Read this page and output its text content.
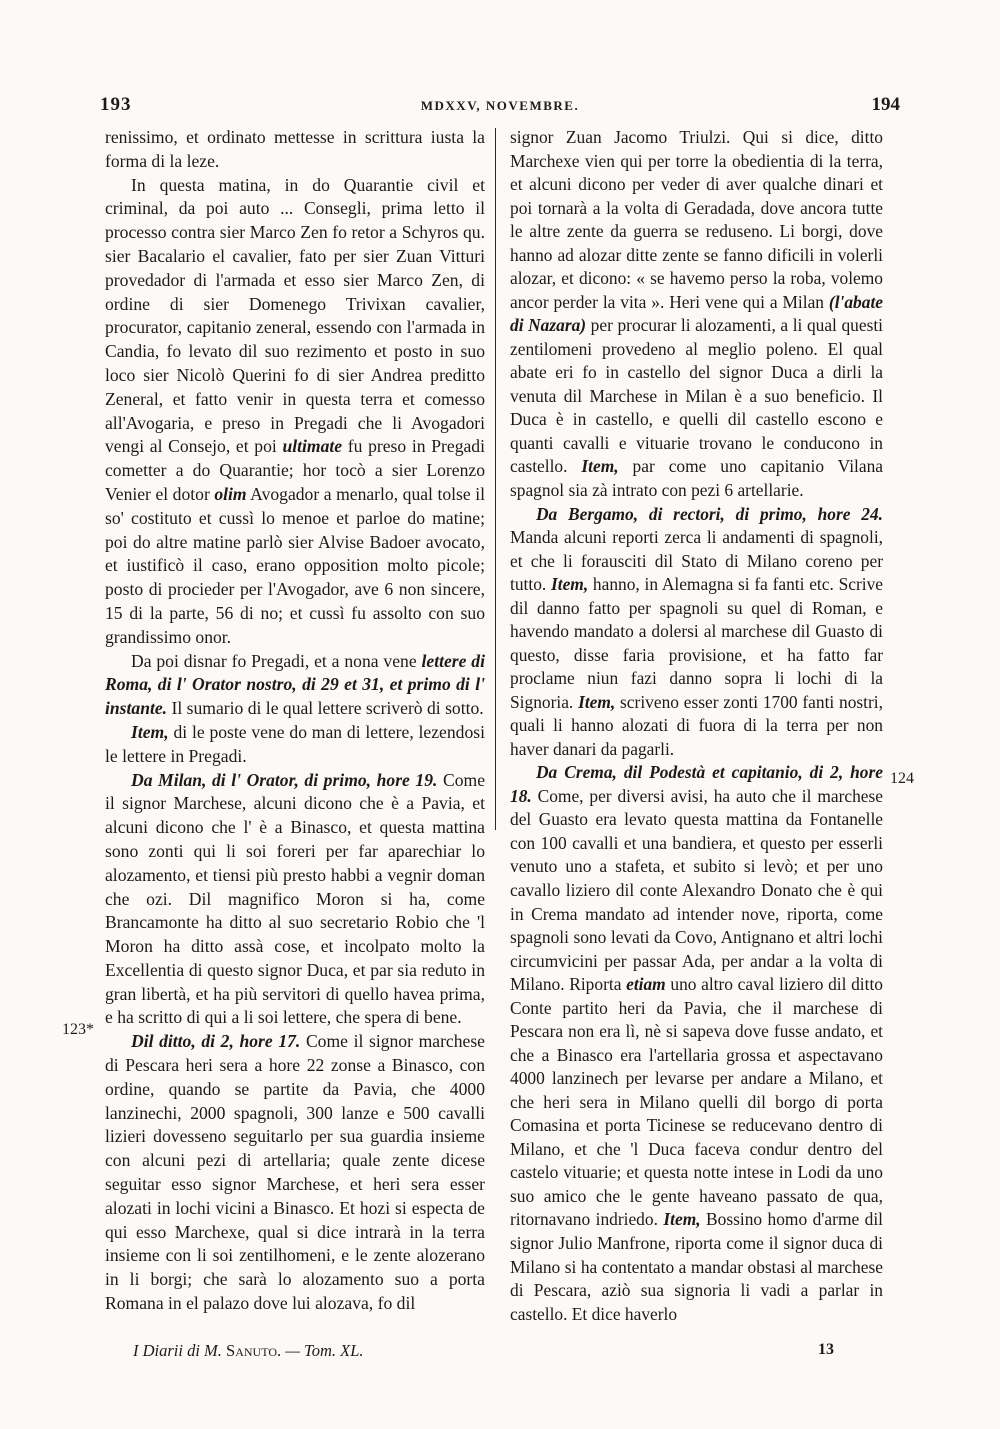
193	MDXXV, NOVEMBRE.	194

renissimo, et ordinato mettesse in scrittura iusta la forma di la leze.

In questa matina, in do Quarantie civil et criminal, da poi auto ... Consegli, prima letto il processo contra sier Marco Zen fo retor a Schyros qu. sier Bacalario el cavalier, fato per sier Zuan Vitturi provedador di l'armada et esso sier Marco Zen, di ordine di sier Domenego Trivixan cavalier, procurator, capitanio zeneral, essendo con l'armada in Candia, fo levato dil suo rezimento et posto in suo loco sier Nicolò Querini fo di sier Andrea preditto Zeneral, et fatto venir in questa terra et comesso all'Avogaria, e preso in Pregadi che li Avogadori vengi al Consejo, et poi ultimate fu preso in Pregadi cometter a do Quarantie; hor tocò a sier Lorenzo Venier el dotor olim Avogador a menarlo, qual tolse il so' costituto et cussì lo menoe et parloe do matine; poi do altre matine parlò sier Alvise Badoer avocato, et iustificò il caso, erano opposition molto picole; posto di procieder per l'Avogador, ave 6 non sincere, 15 di la parte, 56 di no; et cussì fu assolto con suo grandissimo onor.

Da poi disnar fo Pregadi, et a nona vene lettere di Roma, di l' Orator nostro, di 29 et 31, et primo di l' instante. Il sumario di le qual lettere scriverò di sotto.

Item, di le poste vene do man di lettere, lezendosi le lettere in Pregadi.

Da Milan, di l' Orator, di primo, hore 19. Come il signor Marchese, alcuni dicono che è a Pavia, et alcuni dicono che l' è a Binasco, et questa mattina sono zonti qui li soi foreri per far aparechiar lo alozamento, et tiensi più presto habbi a vegnir doman che ozi. Dil magnifico Moron si ha, come Brancamonte ha ditto al suo secretario Robio che 'l Moron ha ditto assà cose, et incolpato molto la Excellentia di questo signor Duca, et par sia reduto in gran libertà, et ha più servitori di quello havea prima, e ha scritto di qui a li soi lettere, che spera di bene.

Dil ditto, di 2, hore 17. Come il signor marchese di Pescara heri sera a hore 22 zonse a Binasco, con ordine, quando se partite da Pavia, che 4000 lanzinechi, 2000 spagnoli, 300 lanze e 500 cavalli lizieri dovesseno seguitarlo per sua guardia insieme con alcuni pezi di artellaria; quale zente dicese seguitar esso signor Marchese, et heri sera esser alozati in lochi vicini a Binasco. Et hozi si especta de qui esso Marchexe, qual si dice intrarà in la terra insieme con li soi zentilhomeni, e le zente alozerano in li borgi; che sarà lo alozamento suo a porta Romana in el palazo dove lui alozava, fo dil

signor Zuan Jacomo Triulzi. Qui si dice, ditto Marchexe vien qui per torre la obedientia di la terra, et alcuni dicono per veder di aver qualche dinari et poi tornarà a la volta di Geradada, dove ancora tutte le altre zente da guerra se reduseno. Li borgi, dove hanno ad alozar ditte zente se fanno dificili in volerli alozar, et dicono: « se havemo perso la roba, volemo ancor perder la vita ». Heri vene qui a Milan (l'abate di Nazara) per procurar li alozamenti, a li qual questi zentilomeni provedeno al meglio poleno. El qual abate eri fo in castello del signor Duca a dirli la venuta dil Marchese in Milan è a suo beneficio. Il Duca è in castello, e quelli dil castello escono e quanti cavalli e vituarie trovano le conducono in castello. Item, par come uno capitanio Vilana spagnol sia zà intrato con pezi 6 artellarie.

Da Bergamo, di rectori, di primo, hore 24. Manda alcuni reporti zerca li andamenti di spagnoli, et che li forausciti dil Stato di Milano coreno per tutto. Item, hanno, in Alemagna si fa fanti etc. Scrive dil danno fatto per spagnoli su quel di Roman, e havendo mandato a dolersi al marchese dil Guasto di questo, disse faria provisione, et ha fatto far proclame niun fazi danno sopra li lochi di la Signoria. Item, scriveno esser zonti 1700 fanti nostri, quali li hanno alozati di fuora di la terra per non haver danari da pagarli.

Da Crema, dil Podestà et capitanio, di 2, hore 18. Come, per diversi avisi, ha auto che il marchese del Guasto era levato questa mattina da Fontanelle con 100 cavalli et una bandiera, et questo per esserli venuto uno a stafeta, et subito si levò; et per uno cavallo liziero dil conte Alexandro Donato che è qui in Crema mandato ad intender nove, riporta, come spagnoli sono levati da Covo, Antignano et altri lochi circumvicini per passar Ada, per andar a la volta di Milano. Riporta etiam uno altro caval liziero dil ditto Conte partito heri da Pavia, che il marchese di Pescara non era lì, nè si sapeva dove fusse andato, et che a Binasco era l'artellaria grossa et aspectavano 4000 lanzinech per levarse per andare a Milano, et che heri sera in Milano quelli dil borgo di porta Comasina et porta Ticinese se reducevano dentro di Milano, et che 'l Duca faceva condur dentro del castelo vituarie; et questa notte intese in Lodi da uno suo amico che le gente haveano passato de qua, ritornavano indriedo. Item, Bossino homo d'arme dil signor Julio Manfrone, riporta come il signor duca di Milano si ha contentato a mandar obstasi al marchese di Pescara, aziò sua signoria li vadi a parlar in castello. Et dice haverlo

123*
124
I Diarii di M. Sanuto. — Tom. XL.	13
